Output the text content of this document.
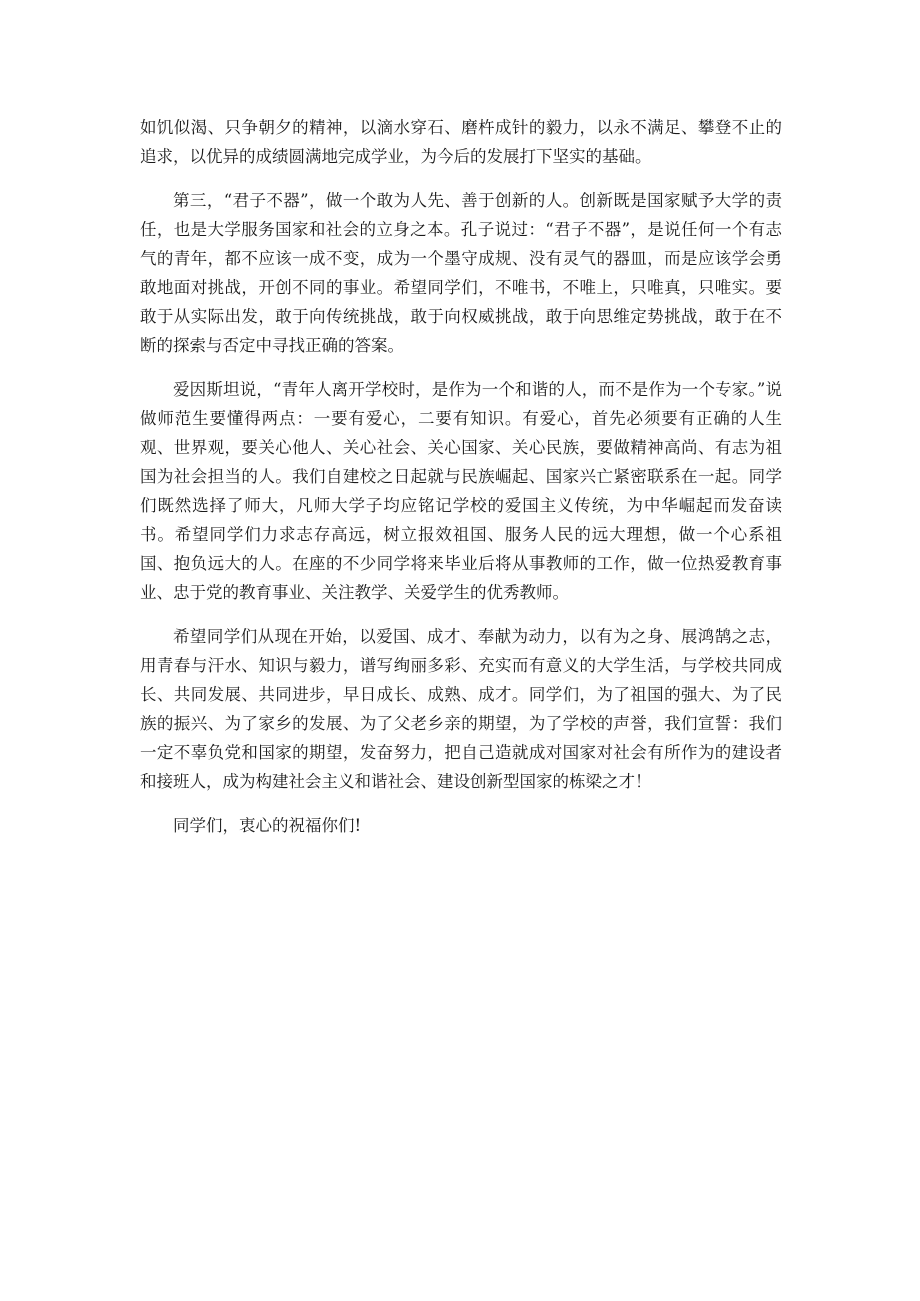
如饥似渴、只争朝夕的精神，以滴水穿石、磨杵成针的毅力，以永不满足、攀登不止的追求，以优异的成绩圆满地完成学业，为今后的发展打下坚实的基础。

第三，“君子不器”，做一个敢为人先、善于创新的人。创新既是国家赋予大学的责任，也是大学服务国家和社会的立身之本。孔子说过：“君子不器”，是说任何一个有志气的青年，都不应该一成不变，成为一个墨守成规、没有灵气的器皿，而是应该学会勇敢地面对挑战，开创不同的事业。希望同学们，不唯书，不唯上，只唯真，只唯实。要敢于从实际出发，敢于向传统挑战，敢于向权威挑战，敢于向思维定势挑战，敢于在不断的探索与否定中寻找正确的答案。

爱因斯坦说，“青年人离开学校时，是作为一个和谐的人，而不是作为一个专家。”说做师范生要懂得两点：一要有爱心，二要有知识。有爱心，首先必须要有正确的人生观、世界观，要关心他人、关心社会、关心国家、关心民族，要做精神高尚、有志为祖国为社会担当的人。我们自建校之日起就与民族崛起、国家兴亡紧密联系在一起。同学们既然选择了师大，凡师大学子均应铭记学校的爱国主义传统，为中华崛起而发奋读书。希望同学们力求志存高远，树立报效祖国、服务人民的远大理想，做一个心系祖国、抱负远大的人。在座的不少同学将来毕业后将从事教师的工作，做一位热爱教育事业、忠于党的教育事业、关注教学、关爱学生的优秀教师。

希望同学们从现在开始，以爱国、成才、奉献为动力，以有为之身、展鸿鹄之志，用青春与汗水、知识与毅力，谱写绚丽多彩、充实而有意义的大学生活，与学校共同成长、共同发展、共同进步，早日成长、成熟、成才。同学们，为了祖国的强大、为了民族的振兴、为了家乡的发展、为了父老乡亲的期望，为了学校的声誉，我们宣誓：我们一定不辜负党和国家的期望，发奋努力，把自己造就成对国家对社会有所作为的建设者和接班人，成为构建社会主义和谐社会、建设创新型国家的栋梁之才！

同学们，衷心的祝福你们!
